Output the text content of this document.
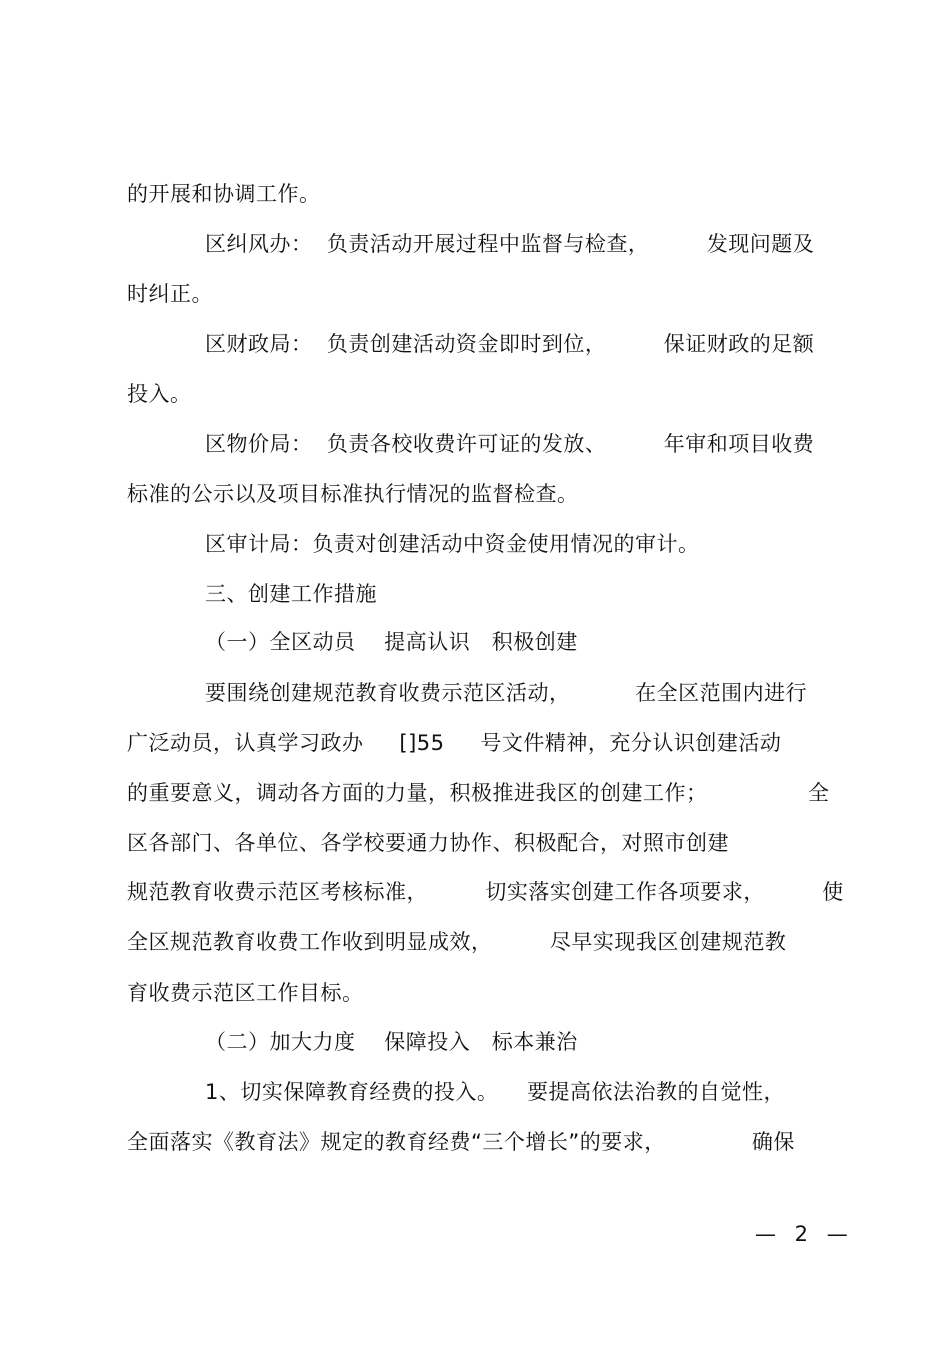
的开展和协调工作。
区纠风办：  负责活动开展过程中监督与检查，        发现问题及
时纠正。
区财政局：  负责创建活动资金即时到位，        保证财政的足额
投入。
区物价局：  负责各校收费许可证的发放、        年审和项目收费
标准的公示以及项目标准执行情况的监督检查。
区审计局：负责对创建活动中资金使用情况的审计。
三、创建工作措施
（一）全区动员    提高认识   积极创建
要围绕创建规范教育收费示范区活动，         在全区范围内进行
广泛动员，认真学习政办     []55     号文件精神，充分认识创建活动
的重要意义，调动各方面的力量，积极推进我区的创建工作；              全
区各部门、各单位、各学校要通力协作、积极配合，对照市创建
规范教育收费示范区考核标准，        切实落实创建工作各项要求，        使
全区规范教育收费工作收到明显成效，        尽早实现我区创建规范教
育收费示范区工作目标。
（二）加大力度    保障投入   标本兼治
1、切实保障教育经费的投入。    要提高依法治教的自觉性，
全面落实《教育法》规定的教育经费“三个增长”的要求，            确保
— 2 —
